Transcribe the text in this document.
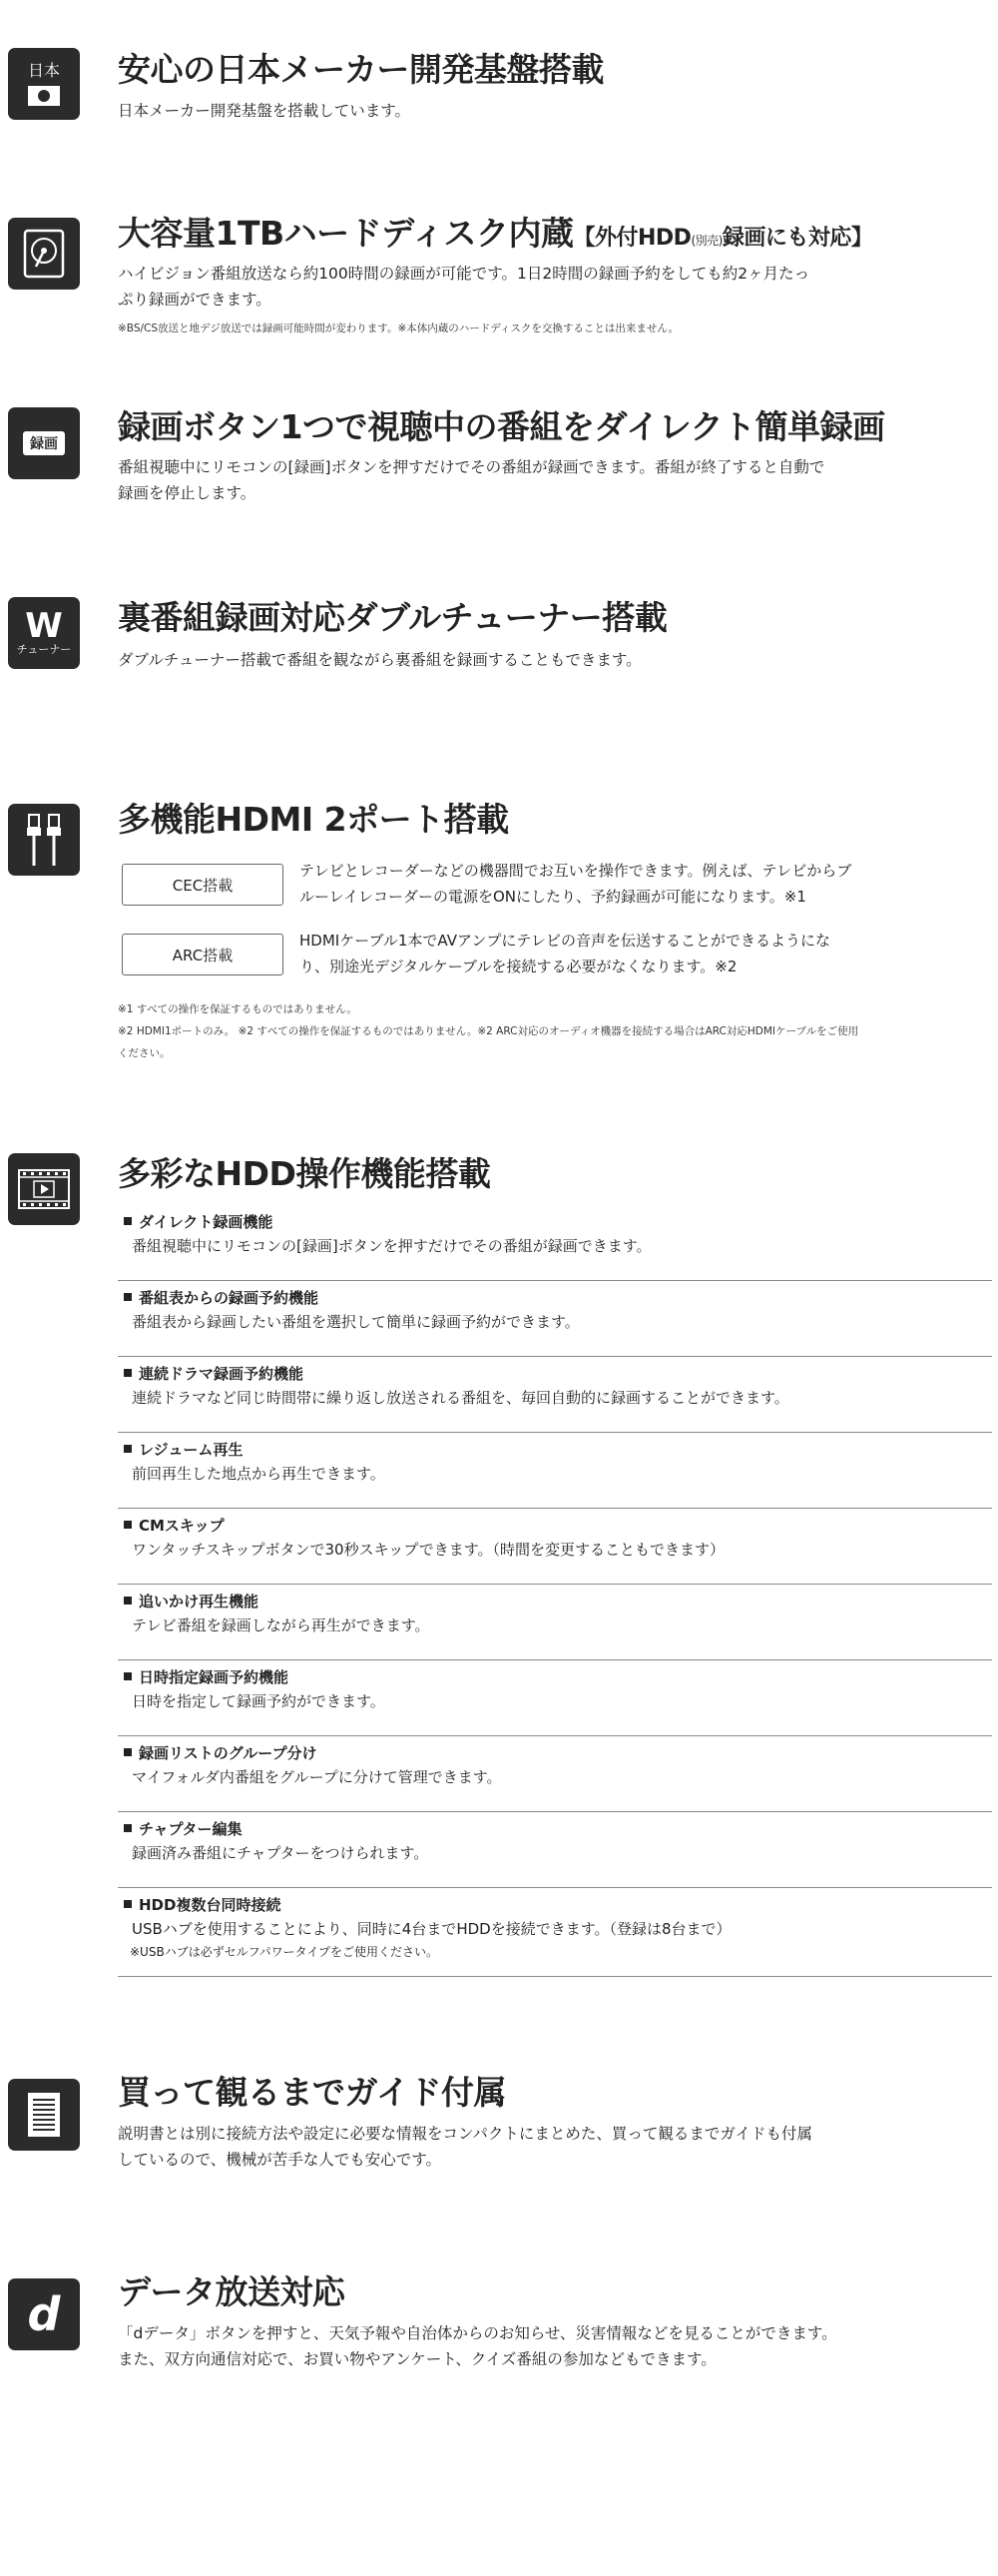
日本 安心の日本メーカー開発基盤搭載
日本メーカー開発基盤を搭載しています。
大容量1TBハードディスク内蔵【外付HDD(別売)録画にも対応】
ハイビジョン番組放送なら約100時間の録画が可能です。1日2時間の録画予約をしても約2ヶ月たっ
ぷり録画ができます。
※BS/CS放送と地デジ放送では録画可能時間が変わります。※本体内蔵のハードディスクを交換することは出来ません。
録画 録画ボタン1つで視聴中の番組をダイレクト簡単録画
番組視聴中にリモコンの[録画]ボタンを押すだけでその番組が録画できます。番組が終了すると自動で
録画を停止します。
W
チューナー
裏番組録画対応ダブルチューナー搭載
ダブルチューナー搭載で番組を観ながら裏番組を録画することもできます。
多機能HDMI 2ポート搭載
CEC搭載
テレビとレコーダーなどの機器間でお互いを操作できます。例えば、テレビからブ
ルーレイレコーダーの電源をONにしたり、予約録画が可能になります。※1
ARC搭載
HDMIケーブル1本でAVアンプにテレビの音声を伝送することができるようにな
り、別途光デジタルケーブルを接続する必要がなくなります。※2
※1 すべての操作を保証するものではありません。
※2 HDMI1ポートのみ。 ※2 すべての操作を保証するものではありません。※2 ARC対応のオーディオ機器を接続する場合はARC対応HDMIケーブルをご使用
ください。
多彩なHDD操作機能搭載
ダイレクト録画機能
番組視聴中にリモコンの[録画]ボタンを押すだけでその番組が録画できます。
番組表からの録画予約機能
番組表から録画したい番組を選択して簡単に録画予約ができます。
連続ドラマ録画予約機能
連続ドラマなど同じ時間帯に繰り返し放送される番組を、毎回自動的に録画することができます。
レジューム再生
前回再生した地点から再生できます。
CMスキップ
ワンタッチスキップボタンで30秒スキップできます。（時間を変更することもできます）
追いかけ再生機能
テレビ番組を録画しながら再生ができます。
日時指定録画予約機能
日時を指定して録画予約ができます。
録画リストのグループ分け
マイフォルダ内番組をグループに分けて管理できます。
チャプター編集
録画済み番組にチャプターをつけられます。
HDD複数台同時接続
USBハブを使用することにより、同時に4台までHDDを接続できます。（登録は8台まで）
※USBハブは必ずセルフパワータイプをご使用ください。
買って観るまでガイド付属
説明書とは別に接続方法や設定に必要な情報をコンパクトにまとめた、買って観るまでガイドも付属
しているので、機械が苦手な人でも安心です。
d データ放送対応
「dデータ」ボタンを押すと、天気予報や自治体からのお知らせ、災害情報などを見ることができます。
また、双方向通信対応で、お買い物やアンケート、クイズ番組の参加などもできます。
